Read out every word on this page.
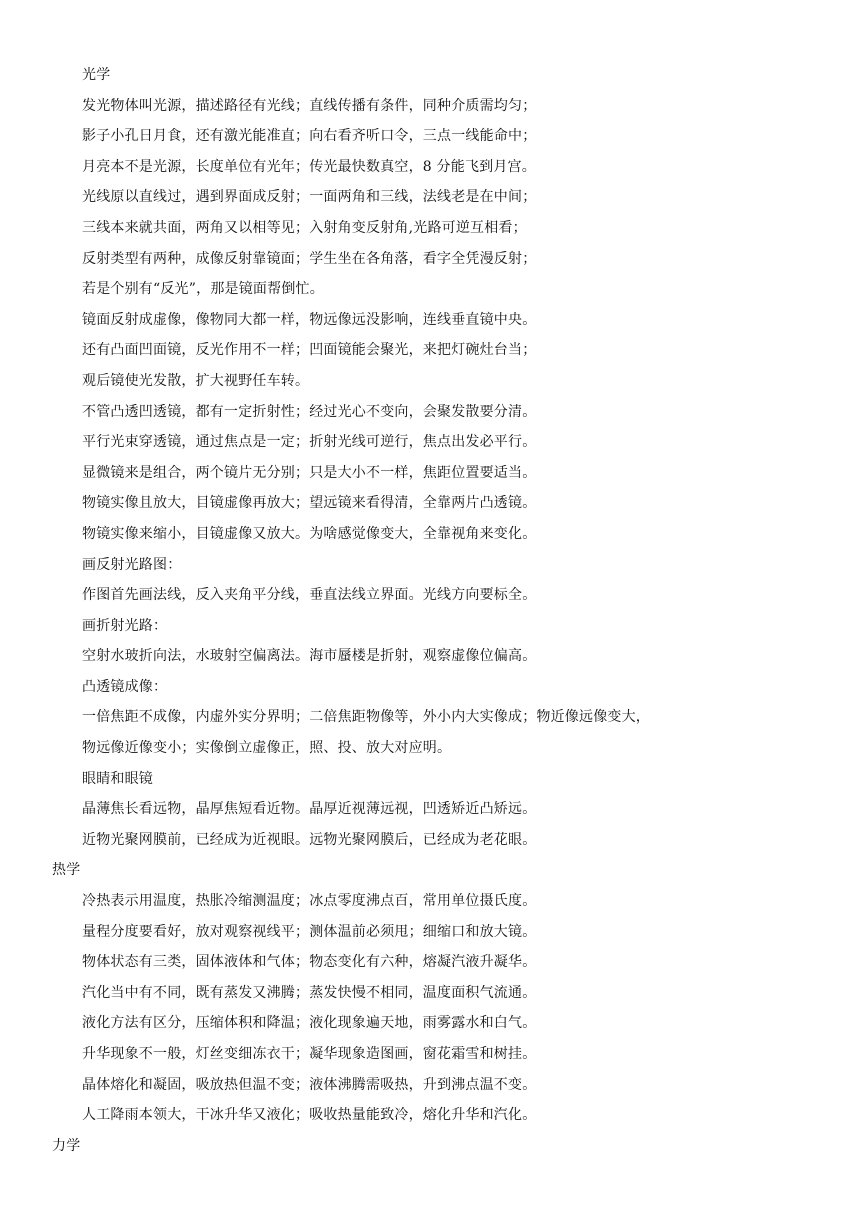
光学
发光物体叫光源，描述路径有光线；直线传播有条件，同种介质需均匀；
影子小孔日月食，还有激光能准直；向右看齐听口令，三点一线能命中；
月亮本不是光源，长度单位有光年；传光最快数真空，8 分能飞到月宫。
光线原以直线过，遇到界面成反射；一面两角和三线，法线老是在中间；
三线本来就共面，两角又以相等见；入射角变反射角,光路可逆互相看；
反射类型有两种，成像反射靠镜面；学生坐在各角落，看字全凭漫反射；
若是个别有“反光”，那是镜面帮倒忙。
镜面反射成虚像，像物同大都一样，物远像远没影响，连线垂直镜中央。
还有凸面凹面镜，反光作用不一样；凹面镜能会聚光，来把灯碗灶台当；
观后镜使光发散，扩大视野任车转。
不管凸透凹透镜，都有一定折射性；经过光心不变向，会聚发散要分清。
平行光束穿透镜，通过焦点是一定；折射光线可逆行，焦点出发必平行。
显微镜来是组合，两个镜片无分别；只是大小不一样，焦距位置要适当。
物镜实像且放大，目镜虚像再放大；望远镜来看得清，全靠两片凸透镜。
物镜实像来缩小，目镜虚像又放大。为啥感觉像变大，全靠视角来变化。
画反射光路图：
作图首先画法线，反入夹角平分线，垂直法线立界面。光线方向要标全。
画折射光路：
空射水玻折向法，水玻射空偏离法。海市蜃楼是折射，观察虚像位偏高。
凸透镜成像：
一倍焦距不成像，内虚外实分界明；二倍焦距物像等，外小内大实像成；物近像远像变大，
物远像近像变小；实像倒立虚像正，照、投、放大对应明。
眼睛和眼镜
晶薄焦长看远物，晶厚焦短看近物。晶厚近视薄远视，凹透矫近凸矫远。
近物光聚网膜前，已经成为近视眼。远物光聚网膜后，已经成为老花眼。
热学
冷热表示用温度，热胀冷缩测温度；冰点零度沸点百，常用单位摄氏度。
量程分度要看好，放对观察视线平；测体温前必须甩；细缩口和放大镜。
物体状态有三类，固体液体和气体；物态变化有六种，熔凝汽液升凝华。
汽化当中有不同，既有蒸发又沸腾；蒸发快慢不相同，温度面积气流通。
液化方法有区分，压缩体积和降温；液化现象遍天地，雨雾露水和白气。
升华现象不一般，灯丝变细冻衣干；凝华现象造图画，窗花霜雪和树挂。
晶体熔化和凝固，吸放热但温不变；液体沸腾需吸热，升到沸点温不变。
人工降雨本领大，干冰升华又液化；吸收热量能致冷，熔化升华和汽化。
力学
